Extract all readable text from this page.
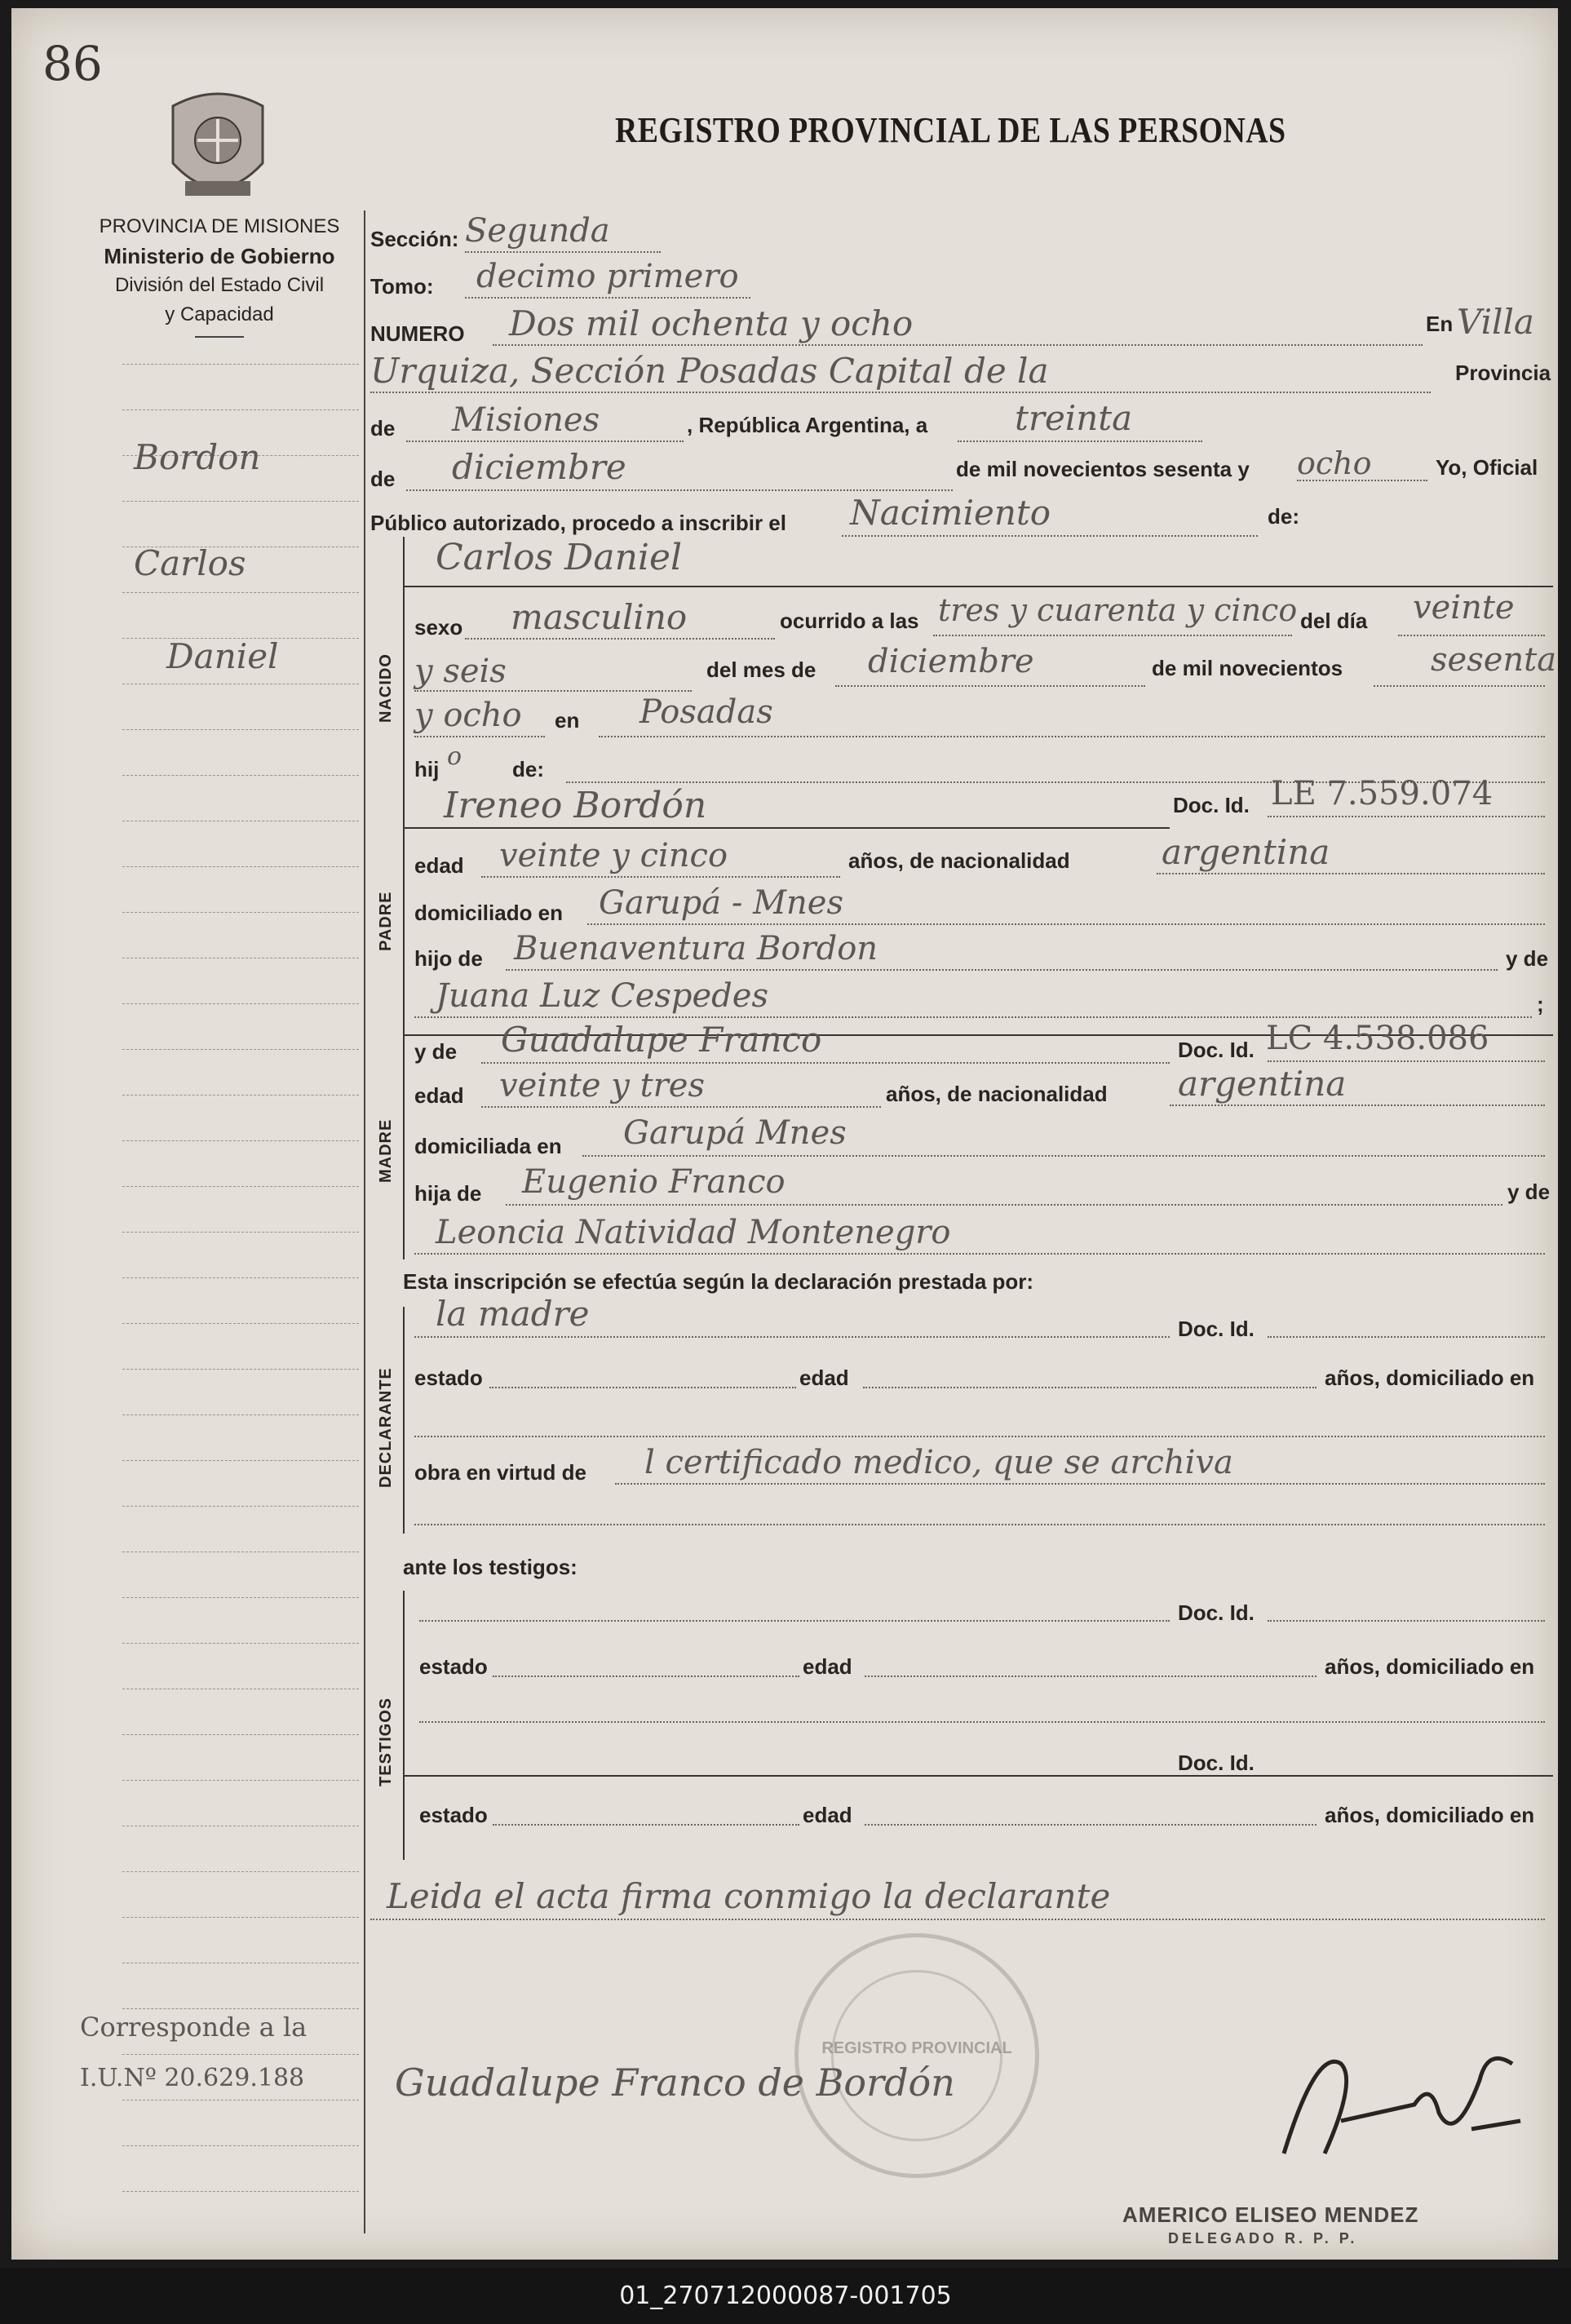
86
REGISTRO PROVINCIAL DE LAS PERSONAS
PROVINCIA DE MISIONES
Ministerio de Gobierno
División del Estado Civil
y Capacidad
Bordon
Carlos
Daniel
Corresponde a la
I.U.Nº 20.629.188
Sección: Segunda
Tomo: decimo primero
NUMERO Dos mil ochenta y ocho	En Villa
Urquiza, Sección Posadas Capital de la	Provincia
de Misiones	, República Argentina, a	treinta
de diciembre	de mil novecientos sesenta y ocho	Yo, Oficial
Público autorizado, procedo a inscribir el Nacimiento	de:
NACIDO
Carlos Daniel
sexo masculino	ocurrido a las tres y cuarenta y cinco del día veinte
y seis	del mes de diciembre	de mil novecientos	sesenta
y ocho en Posadas
hij o de:
PADRE
Ireneo Bordón	Doc. Id. LE 7.559.074
edad veinte y cinco	años, de nacionalidad	argentina
domiciliado en Garupá - Mnes
hijo de Buenaventura Bordon	y de
Juana Luz Cespedes	;
MADRE
y de Guadalupe Franco	Doc. Id. LC 4.538.086
edad veinte y tres	años, de nacionalidad argentina
domiciliada en Garupá Mnes
hija de Eugenio Franco	y de
Leoncia Natividad Montenegro
Esta inscripción se efectúa según la declaración prestada por:
DECLARANTE
la madre	Doc. Id.
estado	edad	años, domiciliado en
obra en virtud de l certificado medico, que se archiva
ante los testigos:
TESTIGOS
Doc. Id.
estado	edad	años, domiciliado en
Doc. Id.
estado	edad	años, domiciliado en
Leida el acta firma conmigo la declarante
REGISTRO PROVINCIAL
Guadalupe Franco de Bordón
AMERICO ELISEO MENDEZ
DELEGADO R. P. P.
01_270712000087-001705
